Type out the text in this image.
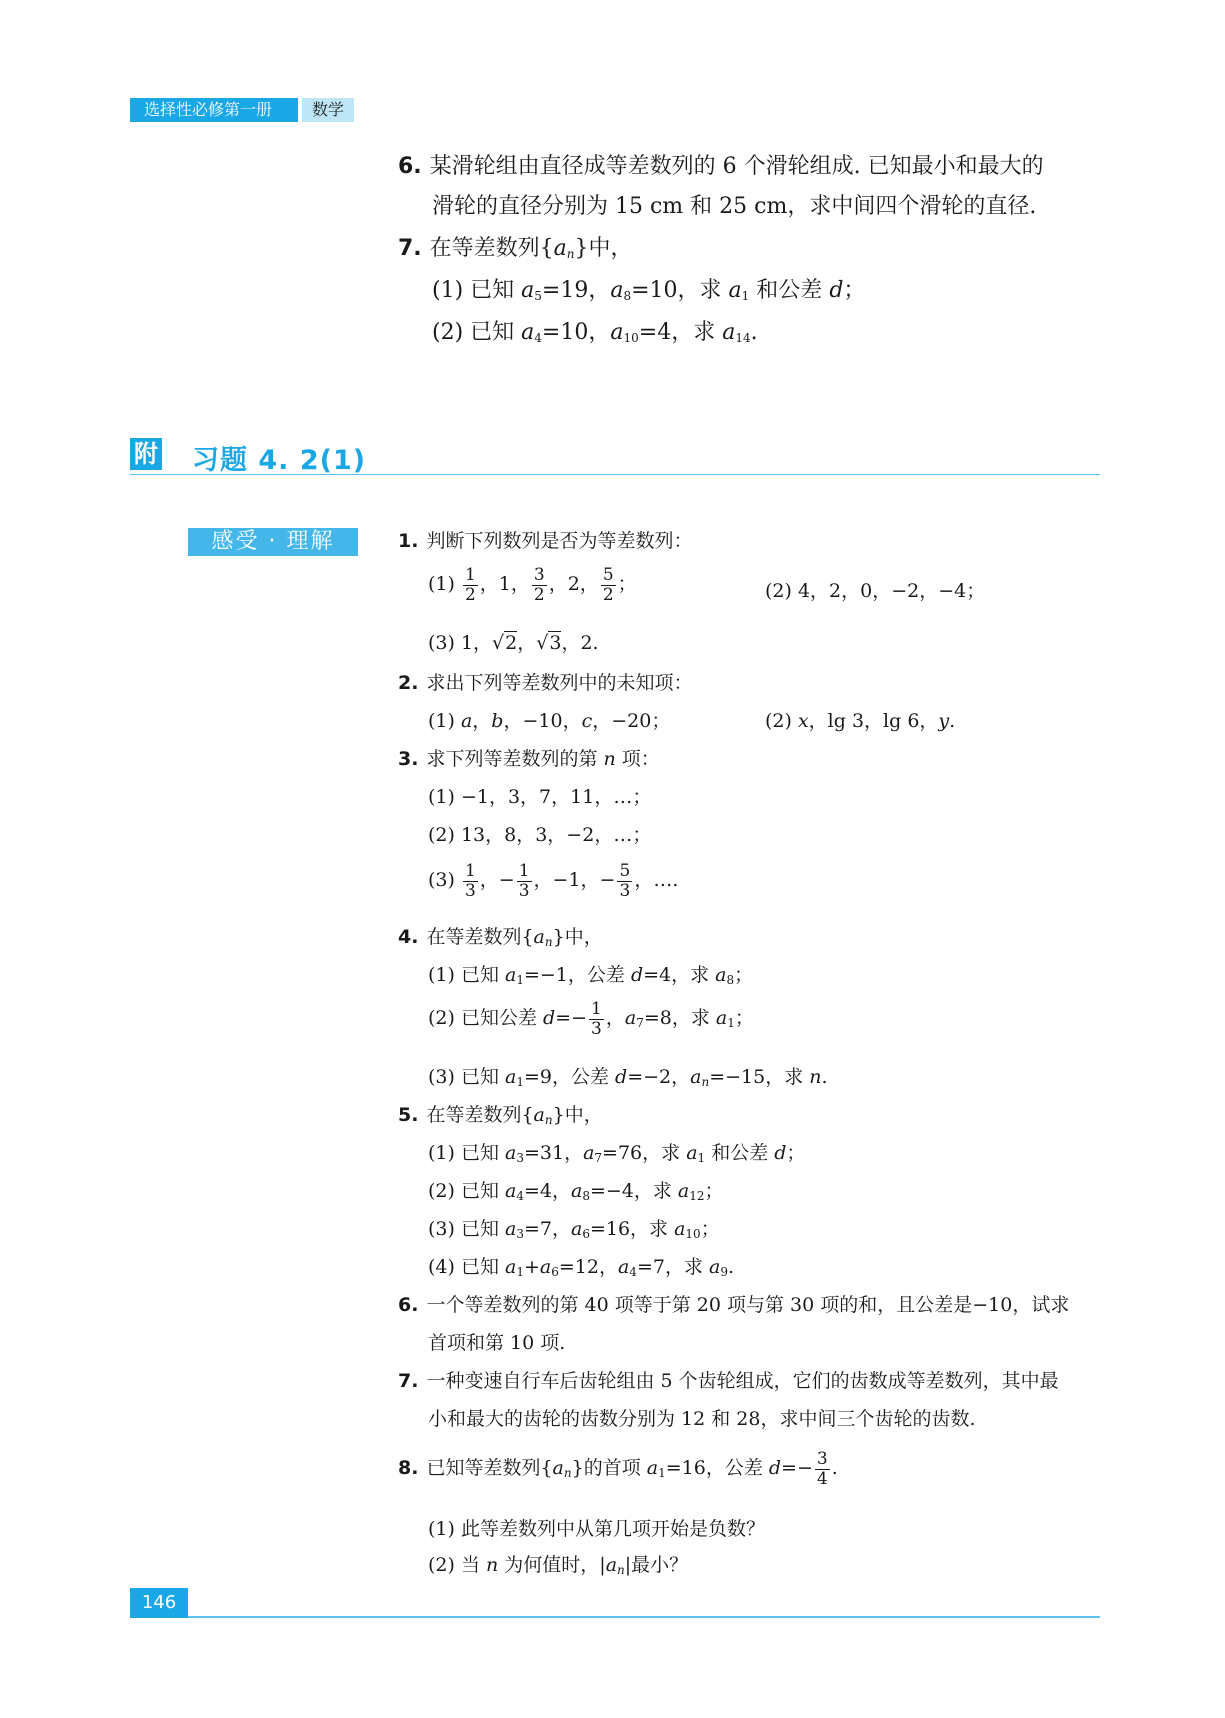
选择性必修第一册	数学
6. 某滑轮组由直径成等差数列的 6 个滑轮组成. 已知最小和最大的
滑轮的直径分别为 15 cm 和 25 cm，求中间四个滑轮的直径.
7. 在等差数列$\{a_n\}$中，
(1) 已知 $a_5=19$，$a_8=10$，求 $a_1$ 和公差 d；
(2) 已知 $a_4=10$，$a_{10}=4$，求 $a_{14}$.
附 习题 4. 2(1)
感受 · 理解	1. 判断下列数列是否为等差数列：
$(1) \frac{1}{2}$ ，1， $\frac{3}{2}$ ，2， $\frac{5}{2}$ ；	(2) 4，2，0，−2，−4；
(3) 1，√2，√3，2.
2. 求出下列等差数列中的未知项：
(1) a，b，−10，c，−20；	(2) x，lg 3，lg 6，y.
3. 求下列等差数列的第 n 项：
(1) −1，3，7，11，…；
(2) 13，8，3，−2，…；
$(3) \frac{1}{3}$ ，− $\frac{1}{3}$ ，−1，− $\frac{5}{3}$ ，….
4. 在等差数列$\{a_n\}$中，
(1) 已知 $a_1=-1$，公差 d=4，求 $a_8$；
(2) 已知公差 $d=- \frac{1}{3}$ ，$a_7=8$，求 $a_1$；
(3) 已知 $a_1=9$，公差 d=−2，$a_n=-15$，求 n.
5. 在等差数列$\{a_n\}$中，
(1) 已知 $a_3=31$，$a_7=76$，求 $a_1$ 和公差 d；
(2) 已知 $a_4=4$，$a_8=-4$，求 $a_{12}$；
(3) 已知 $a_3=7$，$a_6=16$，求 $a_{10}$；
(4) 已知 $a_1+a_6=12$，$a_4=7$，求 $a_9$.
6. 一个等差数列的第 40 项等于第 20 项与第 30 项的和，且公差是−10，试求
首项和第 10 项.
7. 一种变速自行车后齿轮组由 5 个齿轮组成，它们的齿数成等差数列，其中最
小和最大的齿轮的齿数分别为 12 和 28，求中间三个齿轮的齿数.
8. 已知等差数列$\{a_n\}$的首项 $a_1=16$，公差 $d=- \frac{3}{4}$ .
(1) 此等差数列中从第几项开始是负数？
(2) 当 n 为何值时，$|a_n|$最小？
146
